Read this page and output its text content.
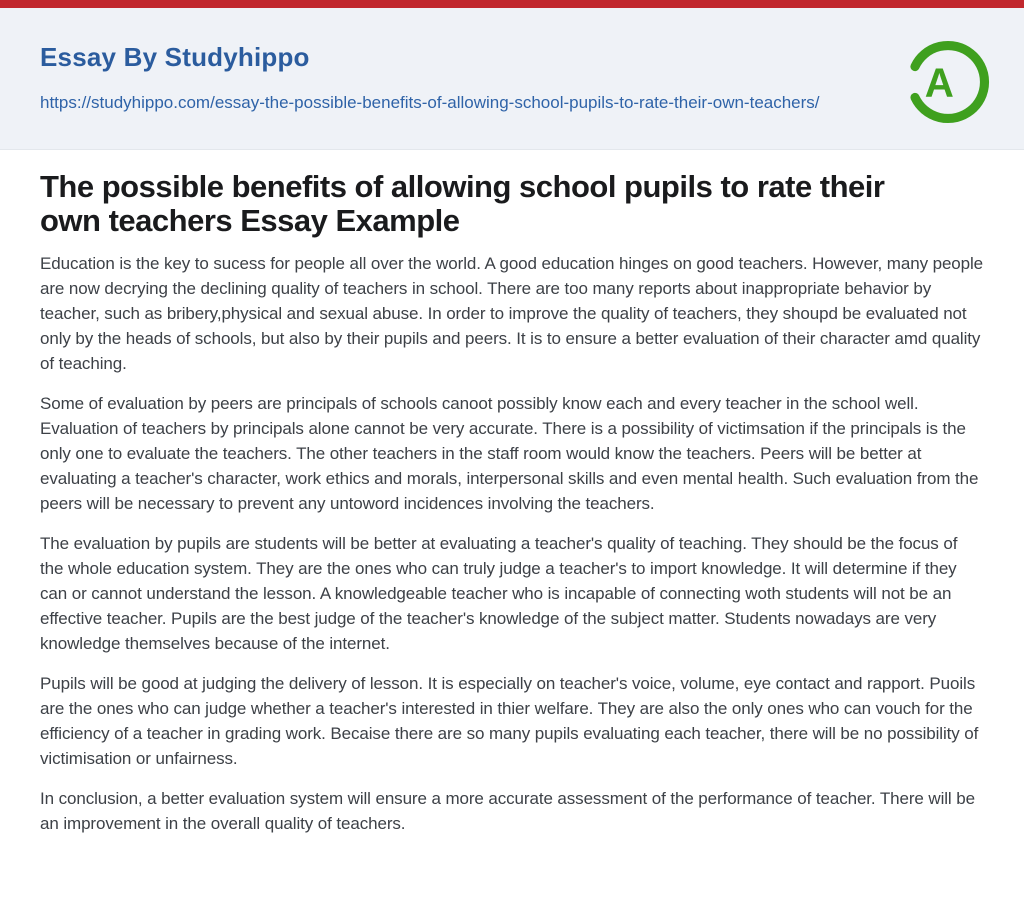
Essay By Studyhippo
https://studyhippo.com/essay-the-possible-benefits-of-allowing-school-pupils-to-rate-their-own-teachers/	A
The possible benefits of allowing school pupils to rate their own teachers Essay Example

Education is the key to sucess for people all over the world. A good education hinges on good teachers. However, many people are now decrying the declining quality of teachers in school. There are too many reports about inappropriate behavior by teacher, such as bribery,physical and sexual abuse. In order to improve the quality of teachers, they shoupd be evaluated not only by the heads of schools, but also by their pupils and peers. It is to ensure a better evaluation of their character amd quality of teaching.

Some of evaluation by peers are principals of schools canoot possibly know each and every teacher in the school well. Evaluation of teachers by principals alone cannot be very accurate. There is a possibility of victimsation if the principals is the only one to evaluate the teachers. The other teachers in the staff room would know the teachers. Peers will be better at evaluating a teacher's character, work ethics and morals, interpersonal skills and even mental health. Such evaluation from the peers will be necessary to prevent any untoword incidences involving the teachers.

The evaluation by pupils are students will be better at evaluating a teacher's quality of teaching. They should be the focus of the whole education system. They are the ones who can truly judge a teacher's to import knowledge. It will determine if they can or cannot understand the lesson. A knowledgeable teacher who is incapable of connecting woth students will not be an effective teacher. Pupils are the best judge of the teacher's knowledge of the subject matter. Students nowadays are very knowledge themselves because of the internet.

Pupils will be good at judging the delivery of lesson. It is especially on teacher's voice, volume, eye contact and rapport. Puoils are the ones who can judge whether a teacher's interested in thier welfare. They are also the only ones who can vouch for the efficiency of a teacher in grading work. Becaise there are so many pupils evaluating each teacher, there will be no possibility of victimisation or unfairness.

In conclusion, a better evaluation system will ensure a more accurate assessment of the performance of teacher. There will be an improvement in the overall quality of teachers.
